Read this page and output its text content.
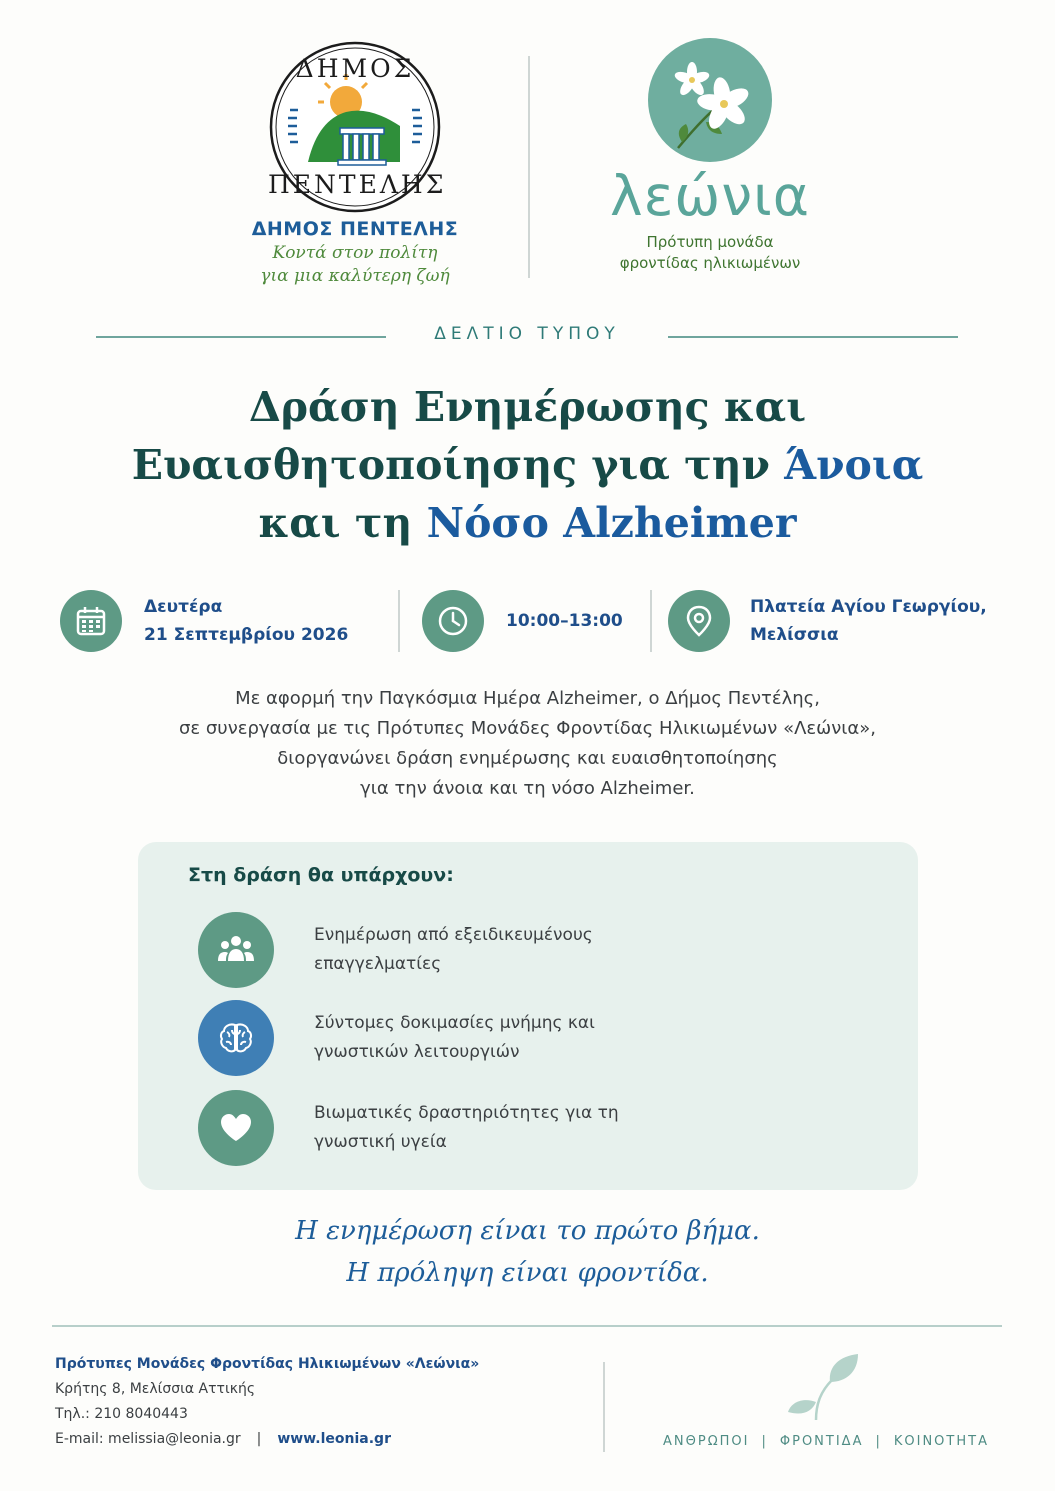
ΔΗΜΟΣ
ΠΕΝΤΕΛΗΣ
ΔΗΜΟΣ ΠΕΝΤΕΛΗΣ
Κοντά στον πολίτη
για μια καλύτερη ζωή
λεώνια
Πρότυπη μονάδα
φροντίδας ηλικιωμένων
ΔΕΛΤΙΟ ΤΥΠΟΥ
Δράση Ενημέρωσης και
Ευαισθητοποίησης για την Άνοια
και τη Νόσο Alzheimer
Δευτέρα
21 Σεπτεμβρίου 2026
10:00–13:00
Πλατεία Αγίου Γεωργίου,
Μελίσσια
Με αφορμή την Παγκόσμια Ημέρα Alzheimer, ο Δήμος Πεντέλης,
σε συνεργασία με τις Πρότυπες Μονάδες Φροντίδας Ηλικιωμένων «Λεώνια»,
διοργανώνει δράση ενημέρωσης και ευαισθητοποίησης
για την άνοια και τη νόσο Alzheimer.
Στη δράση θα υπάρχουν:
Ενημέρωση από εξειδικευμένους
επαγγελματίες
Σύντομες δοκιμασίες μνήμης και
γνωστικών λειτουργιών
Βιωματικές δραστηριότητες για τη
γνωστική υγεία
Η ενημέρωση είναι το πρώτο βήμα.
Η πρόληψη είναι φροντίδα.
Πρότυπες Μονάδες Φροντίδας Ηλικιωμένων «Λεώνια»
Κρήτης 8, Μελίσσια Αττικής
Τηλ.: 210 8040443
E-mail: melissia@leonia.gr | www.leonia.gr	ΑΝΘΡΩΠΟΙ | ΦΡΟΝΤΙΔΑ | ΚΟΙΝΟΤΗΤΑ
